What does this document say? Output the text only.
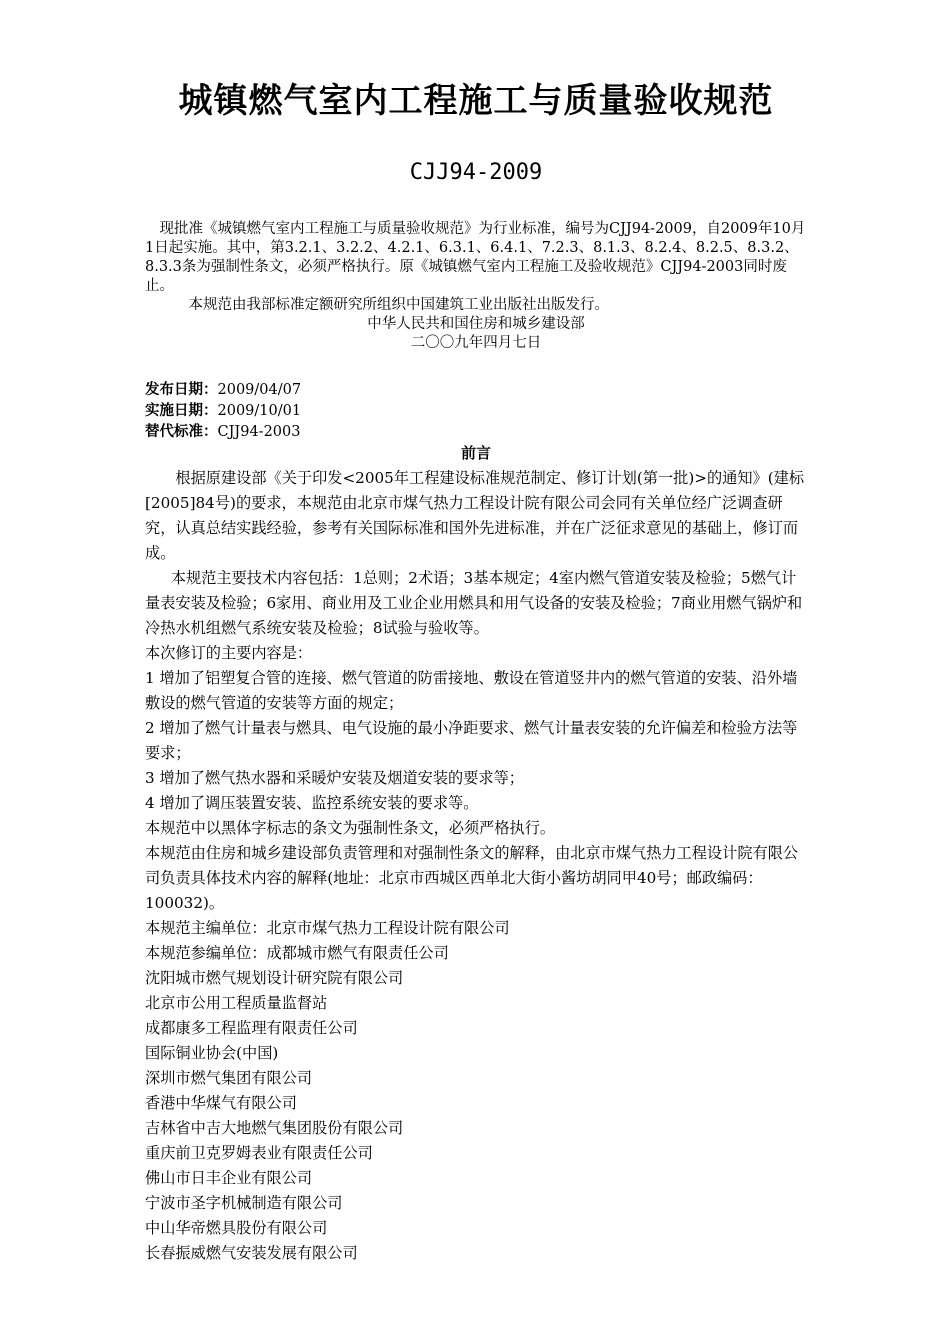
城镇燃气室内工程施工与质量验收规范
CJJ94-2009

现批准《城镇燃气室内工程施工与质量验收规范》为行业标准，编号为CJJ94-2009，自2009年10月1日起实施。其中，第3.2.1、3.2.2、4.2.1、6.3.1、6.4.1、7.2.3、8.1.3、8.2.4、8.2.5、8.3.2、8.3.3条为强制性条文，必须严格执行。原《城镇燃气室内工程施工及验收规范》CJJ94-2003同时废止。

本规范由我部标准定额研究所组织中国建筑工业出版社出版发行。

中华人民共和国住房和城乡建设部

二〇〇九年四月七日

发布日期：2009/04/07
实施日期：2009/10/01
替代标准：CJJ94-2003
前言

根据原建设部《关于印发<2005年工程建设标准规范制定、修订计划(第一批)>的通知》(建标[2005]84号)的要求，本规范由北京市煤气热力工程设计院有限公司会同有关单位经广泛调查研究，认真总结实践经验，参考有关国际标准和国外先进标准，并在广泛征求意见的基础上，修订而成。

本规范主要技术内容包括：1总则；2术语；3基本规定；4室内燃气管道安装及检验；5燃气计量表安装及检验；6家用、商业用及工业企业用燃具和用气设备的安装及检验；7商业用燃气锅炉和冷热水机组燃气系统安装及检验；8试验与验收等。

本次修订的主要内容是：

1 增加了铝塑复合管的连接、燃气管道的防雷接地、敷设在管道竖井内的燃气管道的安装、沿外墙敷设的燃气管道的安装等方面的规定；

2 增加了燃气计量表与燃具、电气设施的最小净距要求、燃气计量表安装的允许偏差和检验方法等要求；

3 增加了燃气热水器和采暖炉安装及烟道安装的要求等；

4 增加了调压装置安装、监控系统安装的要求等。

本规范中以黑体字标志的条文为强制性条文，必须严格执行。

本规范由住房和城乡建设部负责管理和对强制性条文的解释，由北京市煤气热力工程设计院有限公司负责具体技术内容的解释(地址：北京市西城区西单北大街小酱坊胡同甲40号；邮政编码：100032)。

本规范主编单位：北京市煤气热力工程设计院有限公司

本规范参编单位：成都城市燃气有限责任公司

沈阳城市燃气规划设计研究院有限公司

北京市公用工程质量监督站

成都康多工程监理有限责任公司

国际铜业协会(中国)

深圳市燃气集团有限公司

香港中华煤气有限公司

吉林省中吉大地燃气集团股份有限公司

重庆前卫克罗姆表业有限责任公司

佛山市日丰企业有限公司

宁波市圣字机械制造有限公司

中山华帝燃具股份有限公司

长春振威燃气安装发展有限公司
